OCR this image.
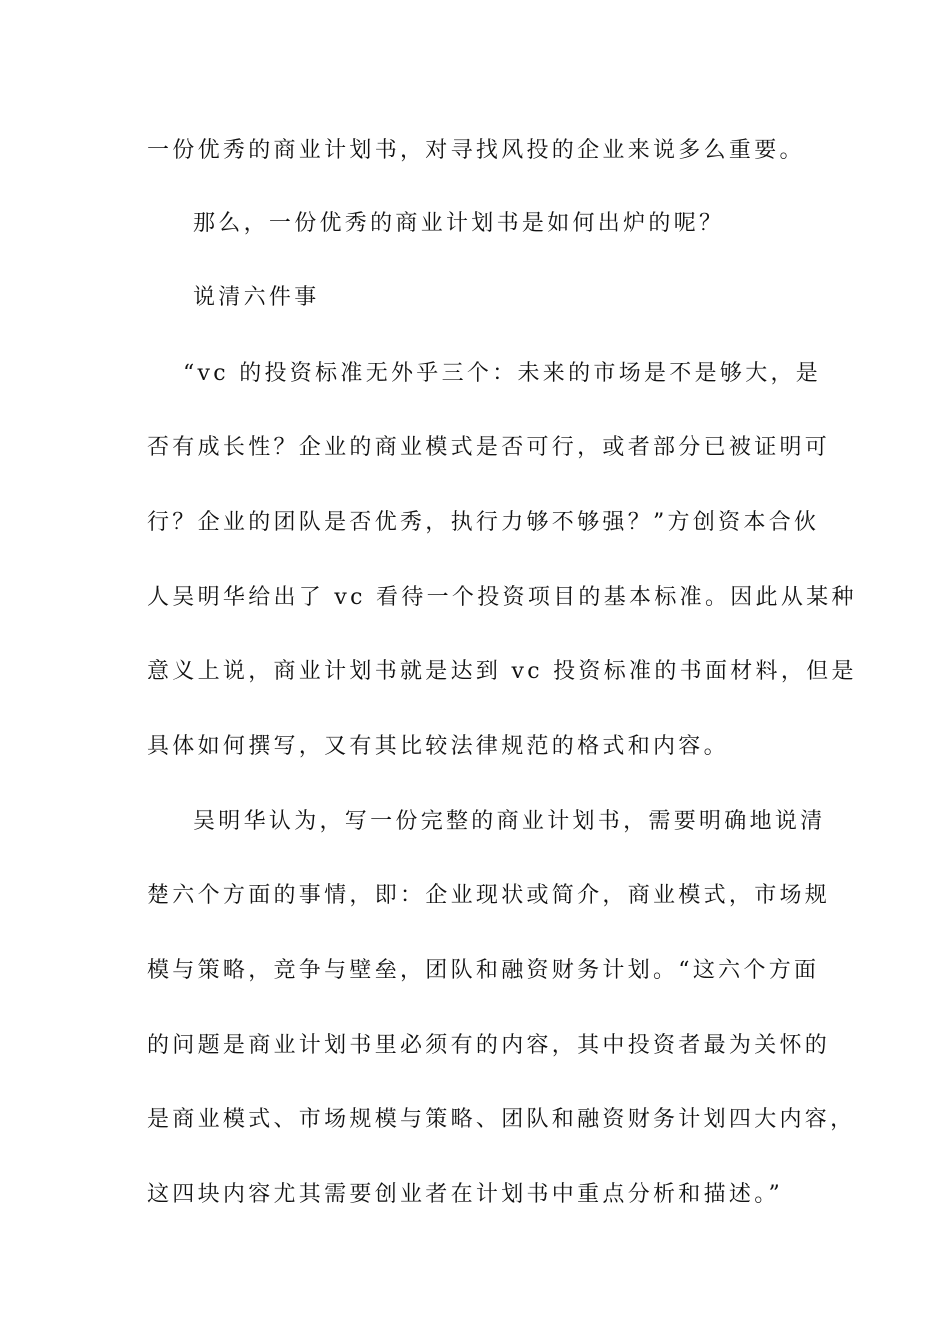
一份优秀的商业计划书，对寻找风投的企业来说多么重要。

那么，一份优秀的商业计划书是如何出炉的呢？

说清六件事

“vc 的投资标准无外乎三个：未来的市场是不是够大，是

否有成长性？企业的商业模式是否可行，或者部分已被证明可

行？企业的团队是否优秀，执行力够不够强？”方创资本合伙

人吴明华给出了 vc 看待一个投资项目的基本标准。因此从某种

意义上说，商业计划书就是达到 vc 投资标准的书面材料，但是

具体如何撰写，又有其比较法律规范的格式和内容。

吴明华认为，写一份完整的商业计划书，需要明确地说清

楚六个方面的事情，即：企业现状或简介，商业模式，市场规

模与策略，竞争与壁垒，团队和融资财务计划。“这六个方面

的问题是商业计划书里必须有的内容，其中投资者最为关怀的

是商业模式、市场规模与策略、团队和融资财务计划四大内容，

这四块内容尤其需要创业者在计划书中重点分析和描述。”
